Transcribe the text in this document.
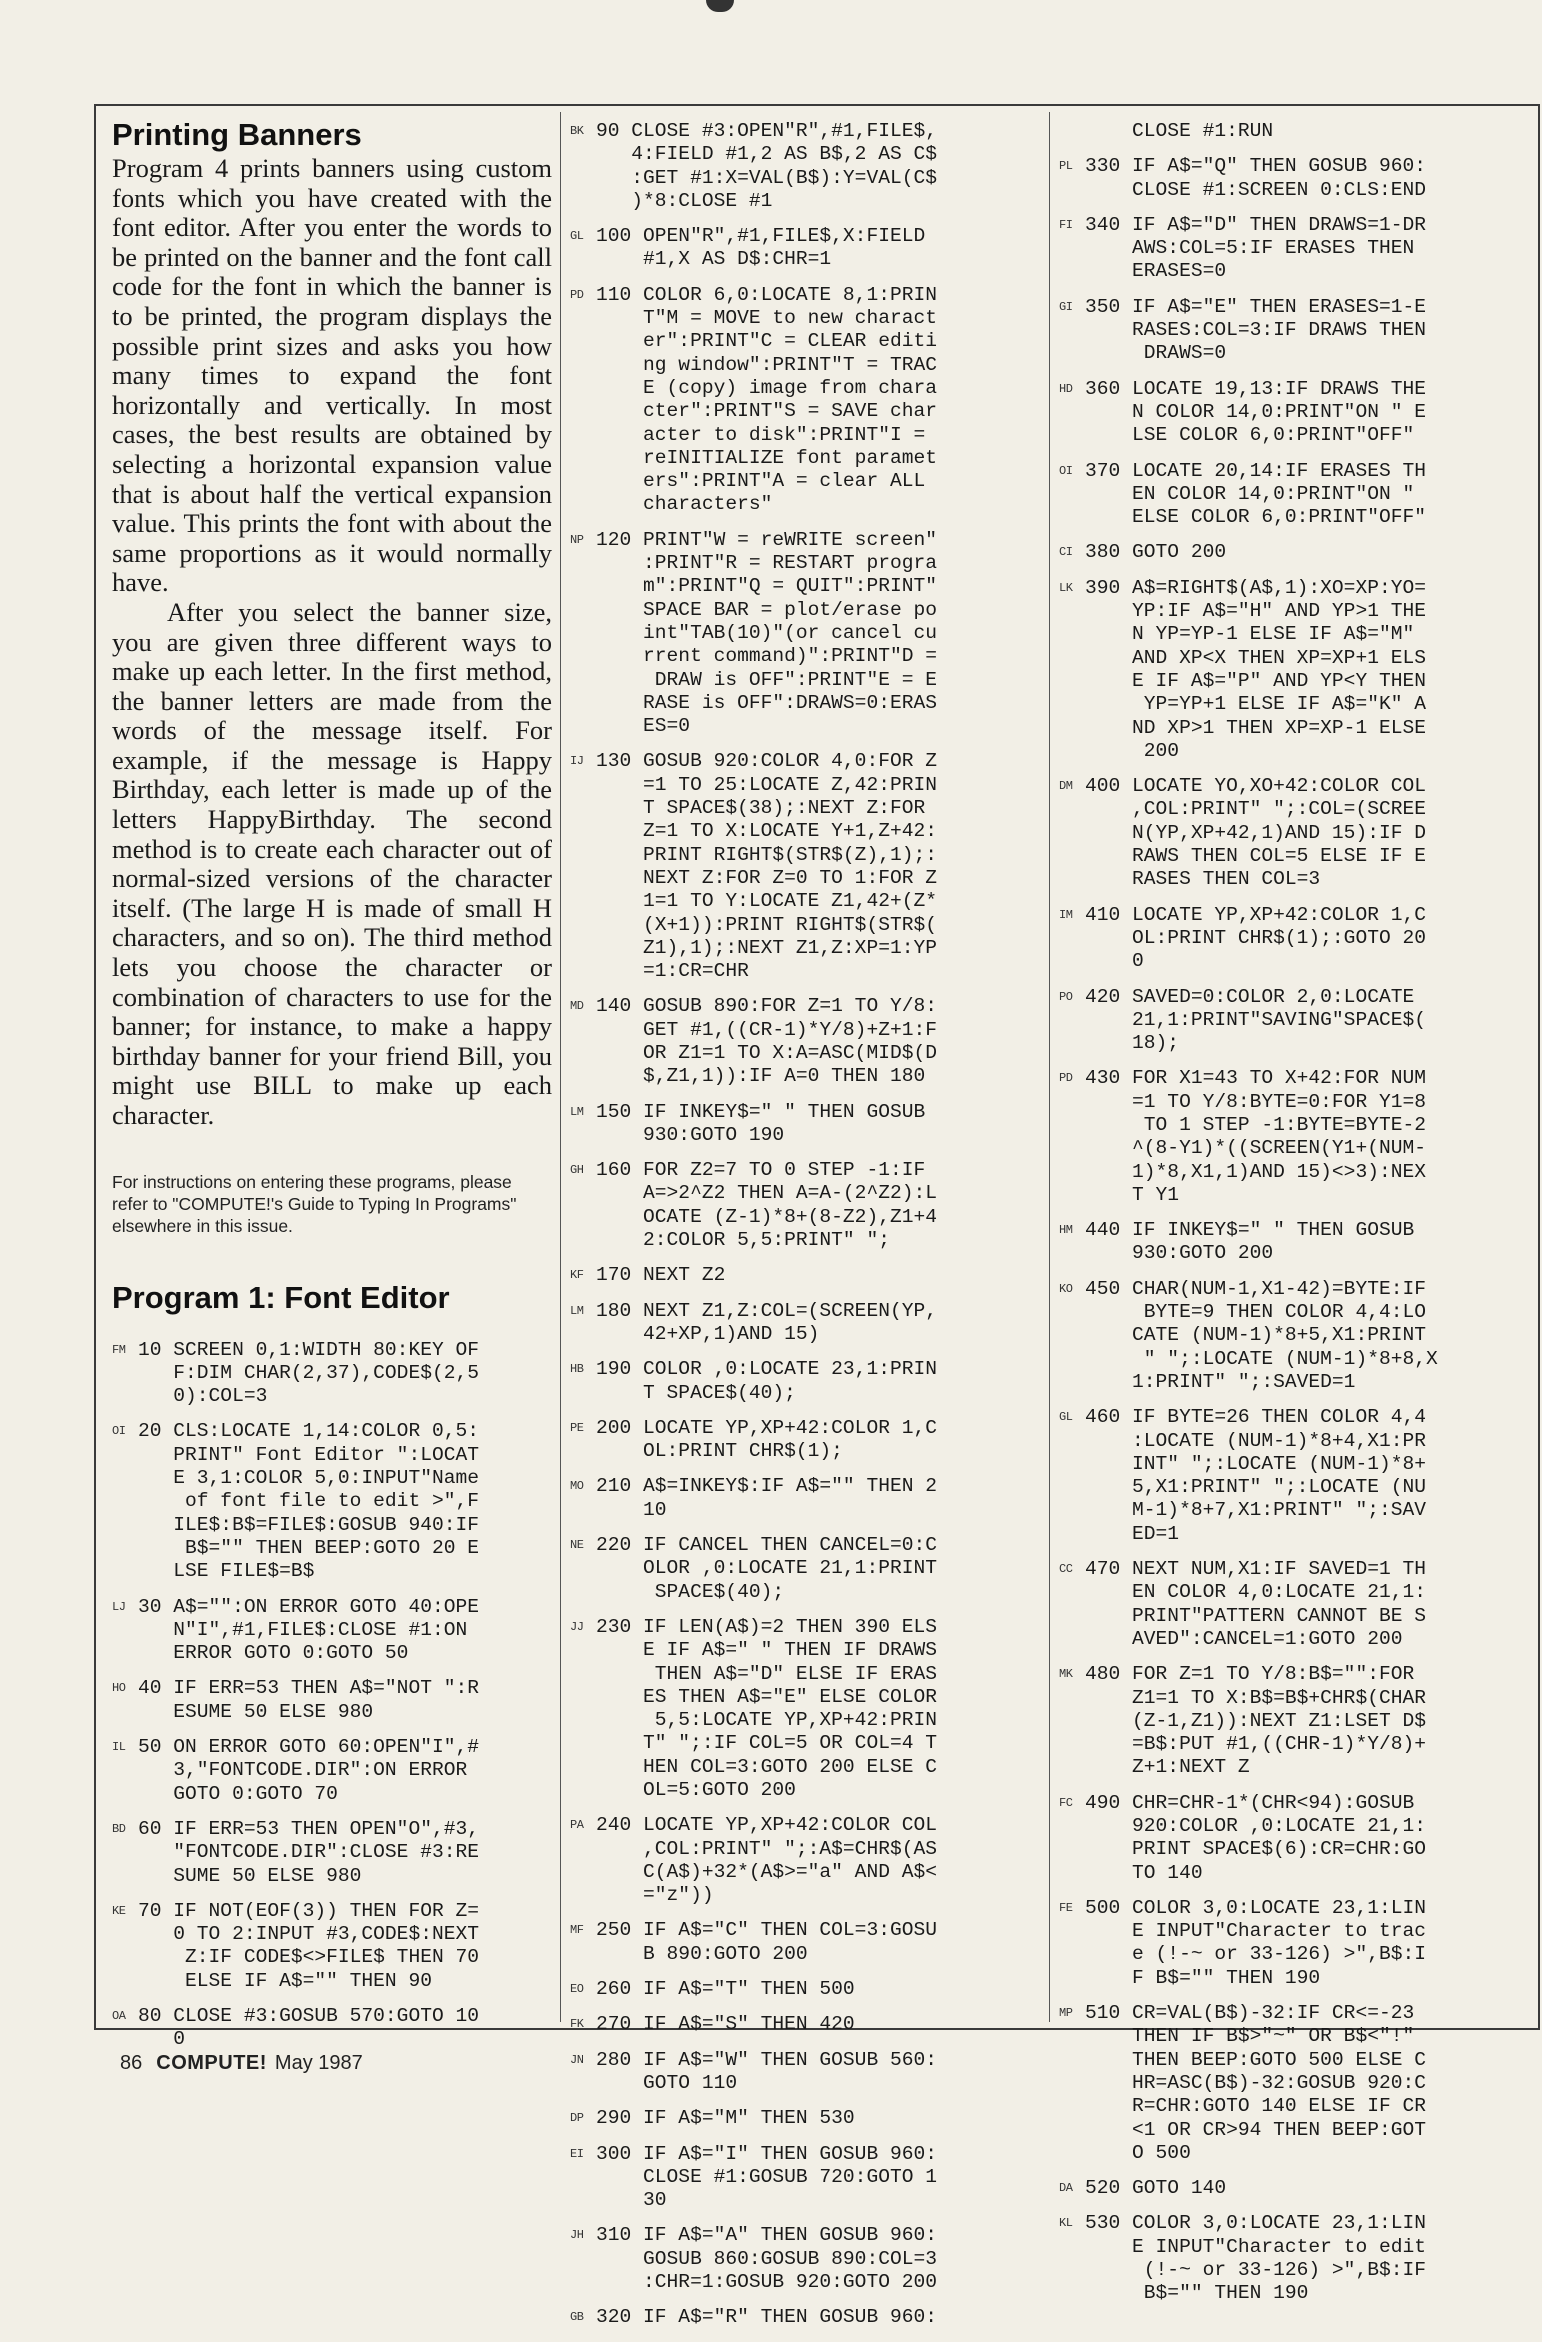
Printing Banners

Program 4 prints banners using custom fonts which you have created with the font editor. After you enter the words to be printed on the banner and the font call code for the font in which the banner is to be printed, the program displays the possible print sizes and asks you how many times to expand the font horizontally and vertically. In most cases, the best results are obtained by selecting a horizontal expansion value that is about half the vertical expansion value. This prints the font with about the same proportions as it would normally have.

After you select the banner size, you are given three different ways to make up each letter. In the first method, the banner letters are made from the words of the message itself. For example, if the message is Happy Birthday, each letter is made up of the letters HappyBirthday. The second method is to create each character out of normal-sized versions of the character itself. (The large H is made of small H characters, and so on). The third method lets you choose the character or combination of characters to use for the banner; for instance, to make a happy birthday banner for your friend Bill, you might use BILL to make up each character.

For instructions on entering these programs, please refer to "COMPUTE!'s Guide to Typing In Programs" elsewhere in this issue.

Program 1: Font Editor
FM 10 SCREEN 0,1:WIDTH 80:KEY OF
F:DIM CHAR(2,37),CODE$(2,5
0):COL=3
OI 20 CLS:LOCATE 1,14:COLOR 0,5:
PRINT" Font Editor ":LOCAT
E 3,1:COLOR 5,0:INPUT"Name
of font file to edit >",F
ILE$:B$=FILE$:GOSUB 940:IF
B$="" THEN BEEP:GOTO 20 E
LSE FILE$=B$
LJ 30 A$="":ON ERROR GOTO 40:OPE
N"I",#1,FILE$:CLOSE #1:ON
ERROR GOTO 0:GOTO 50
HO 40 IF ERR=53 THEN A$="NOT ":R
ESUME 50 ELSE 980
IL 50 ON ERROR GOTO 60:OPEN"I",#
3,"FONTCODE.DIR":ON ERROR
GOTO 0:GOTO 70
BD 60 IF ERR=53 THEN OPEN"O",#3,
"FONTCODE.DIR":CLOSE #3:RE
SUME 50 ELSE 980
KE 70 IF NOT(EOF(3)) THEN FOR Z=
0 TO 2:INPUT #3,CODE$:NEXT
Z:IF CODE$<>FILE$ THEN 70
ELSE IF A$="" THEN 90
OA 80 CLOSE #3:GOSUB 570:GOTO 10
0
BK 90 CLOSE #3:OPEN"R",#1,FILE$,
4:FIELD #1,2 AS B$,2 AS C$
:GET #1:X=VAL(B$):Y=VAL(C$
)*8:CLOSE #1
GL 100 OPEN"R",#1,FILE$,X:FIELD
#1,X AS D$:CHR=1
PD 110 COLOR 6,0:LOCATE 8,1:PRIN
T"M = MOVE to new charact
er":PRINT"C = CLEAR editi
ng window":PRINT"T = TRAC
E (copy) image from chara
cter":PRINT"S = SAVE char
acter to disk":PRINT"I =
reINITIALIZE font paramet
ers":PRINT"A = clear ALL
characters"
NP 120 PRINT"W = reWRITE screen"
:PRINT"R = RESTART progra
m":PRINT"Q = QUIT":PRINT"
SPACE BAR = plot/erase po
int"TAB(10)"(or cancel cu
rrent command)":PRINT"D =
DRAW is OFF":PRINT"E = E
RASE is OFF":DRAWS=0:ERAS
ES=0
IJ 130 GOSUB 920:COLOR 4,0:FOR Z
=1 TO 25:LOCATE Z,42:PRIN
T SPACE$(38);:NEXT Z:FOR
Z=1 TO X:LOCATE Y+1,Z+42:
PRINT RIGHT$(STR$(Z),1);:
NEXT Z:FOR Z=0 TO 1:FOR Z
1=1 TO Y:LOCATE Z1,42+(Z*
(X+1)):PRINT RIGHT$(STR$(
Z1),1);:NEXT Z1,Z:XP=1:YP
=1:CR=CHR
MD 140 GOSUB 890:FOR Z=1 TO Y/8:
GET #1,((CR-1)*Y/8)+Z+1:F
OR Z1=1 TO X:A=ASC(MID$(D
$,Z1,1)):IF A=0 THEN 180
LM 150 IF INKEY$=" " THEN GOSUB
930:GOTO 190
GH 160 FOR Z2=7 TO 0 STEP -1:IF
A=>2^Z2 THEN A=A-(2^Z2):L
OCATE (Z-1)*8+(8-Z2),Z1+4
2:COLOR 5,5:PRINT" ";
KF 170 NEXT Z2
LM 180 NEXT Z1,Z:COL=(SCREEN(YP,
42+XP,1)AND 15)
HB 190 COLOR ,0:LOCATE 23,1:PRIN
T SPACE$(40);
PE 200 LOCATE YP,XP+42:COLOR 1,C
OL:PRINT CHR$(1);
MO 210 A$=INKEY$:IF A$="" THEN 2
10
NE 220 IF CANCEL THEN CANCEL=0:C
OLOR ,0:LOCATE 21,1:PRINT
SPACE$(40);
JJ 230 IF LEN(A$)=2 THEN 390 ELS
E IF A$=" " THEN IF DRAWS
THEN A$="D" ELSE IF ERAS
ES THEN A$="E" ELSE COLOR
5,5:LOCATE YP,XP+42:PRIN
T" ";:IF COL=5 OR COL=4 T
HEN COL=3:GOTO 200 ELSE C
OL=5:GOTO 200
PA 240 LOCATE YP,XP+42:COLOR COL
,COL:PRINT" ";:A$=CHR$(AS
C(A$)+32*(A$>="a" AND A$<
="z"))
MF 250 IF A$="C" THEN COL=3:GOSU
B 890:GOTO 200
EO 260 IF A$="T" THEN 500
FK 270 IF A$="S" THEN 420
JN 280 IF A$="W" THEN GOSUB 560:
GOTO 110
DP 290 IF A$="M" THEN 530
EI 300 IF A$="I" THEN GOSUB 960:
CLOSE #1:GOSUB 720:GOTO 1
30
JH 310 IF A$="A" THEN GOSUB 960:
GOSUB 860:GOSUB 890:COL=3
:CHR=1:GOSUB 920:GOTO 200
GB 320 IF A$="R" THEN GOSUB 960:
CLOSE #1:RUN
PL 330 IF A$="Q" THEN GOSUB 960:
CLOSE #1:SCREEN 0:CLS:END
FI 340 IF A$="D" THEN DRAWS=1-DR
AWS:COL=5:IF ERASES THEN
ERASES=0
GI 350 IF A$="E" THEN ERASES=1-E
RASES:COL=3:IF DRAWS THEN
DRAWS=0
HD 360 LOCATE 19,13:IF DRAWS THE
N COLOR 14,0:PRINT"ON " E
LSE COLOR 6,0:PRINT"OFF"
OI 370 LOCATE 20,14:IF ERASES TH
EN COLOR 14,0:PRINT"ON "
ELSE COLOR 6,0:PRINT"OFF"
CI 380 GOTO 200
LK 390 A$=RIGHT$(A$,1):XO=XP:YO=
YP:IF A$="H" AND YP>1 THE
N YP=YP-1 ELSE IF A$="M"
AND XP<X THEN XP=XP+1 ELS
E IF A$="P" AND YP<Y THEN
YP=YP+1 ELSE IF A$="K" A
ND XP>1 THEN XP=XP-1 ELSE
200
DM 400 LOCATE YO,XO+42:COLOR COL
,COL:PRINT" ";:COL=(SCREE
N(YP,XP+42,1)AND 15):IF D
RAWS THEN COL=5 ELSE IF E
RASES THEN COL=3
IM 410 LOCATE YP,XP+42:COLOR 1,C
OL:PRINT CHR$(1);:GOTO 20
0
PO 420 SAVED=0:COLOR 2,0:LOCATE
21,1:PRINT"SAVING"SPACE$(
18);
PD 430 FOR X1=43 TO X+42:FOR NUM
=1 TO Y/8:BYTE=0:FOR Y1=8
TO 1 STEP -1:BYTE=BYTE-2
^(8-Y1)*((SCREEN(Y1+(NUM-
1)*8,X1,1)AND 15)<>3):NEX
T Y1
HM 440 IF INKEY$=" " THEN GOSUB
930:GOTO 200
KO 450 CHAR(NUM-1,X1-42)=BYTE:IF
BYTE=9 THEN COLOR 4,4:LO
CATE (NUM-1)*8+5,X1:PRINT
" ";:LOCATE (NUM-1)*8+8,X
1:PRINT" ";:SAVED=1
GL 460 IF BYTE=26 THEN COLOR 4,4
:LOCATE (NUM-1)*8+4,X1:PR
INT" ";:LOCATE (NUM-1)*8+
5,X1:PRINT" ";:LOCATE (NU
M-1)*8+7,X1:PRINT" ";:SAV
ED=1
CC 470 NEXT NUM,X1:IF SAVED=1 TH
EN COLOR 4,0:LOCATE 21,1:
PRINT"PATTERN CANNOT BE S
AVED":CANCEL=1:GOTO 200
MK 480 FOR Z=1 TO Y/8:B$="":FOR
Z1=1 TO X:B$=B$+CHR$(CHAR
(Z-1,Z1)):NEXT Z1:LSET D$
=B$:PUT #1,((CHR-1)*Y/8)+
Z+1:NEXT Z
FC 490 CHR=CHR-1*(CHR<94):GOSUB
920:COLOR ,0:LOCATE 21,1:
PRINT SPACE$(6):CR=CHR:GO
TO 140
FE 500 COLOR 3,0:LOCATE 23,1:LIN
E INPUT"Character to trac
e (!-~ or 33-126) >",B$:I
F B$="" THEN 190
MP 510 CR=VAL(B$)-32:IF CR<=-23
THEN IF B$>"~" OR B$<"!"
THEN BEEP:GOTO 500 ELSE C
HR=ASC(B$)-32:GOSUB 920:C
R=CHR:GOTO 140 ELSE IF CR
<1 OR CR>94 THEN BEEP:GOT
O 500
DA 520 GOTO 140
KL 530 COLOR 3,0:LOCATE 23,1:LIN
E INPUT"Character to edit
(!-~ or 33-126) >",B$:IF
B$="" THEN 190
86 COMPUTE! May 1987
